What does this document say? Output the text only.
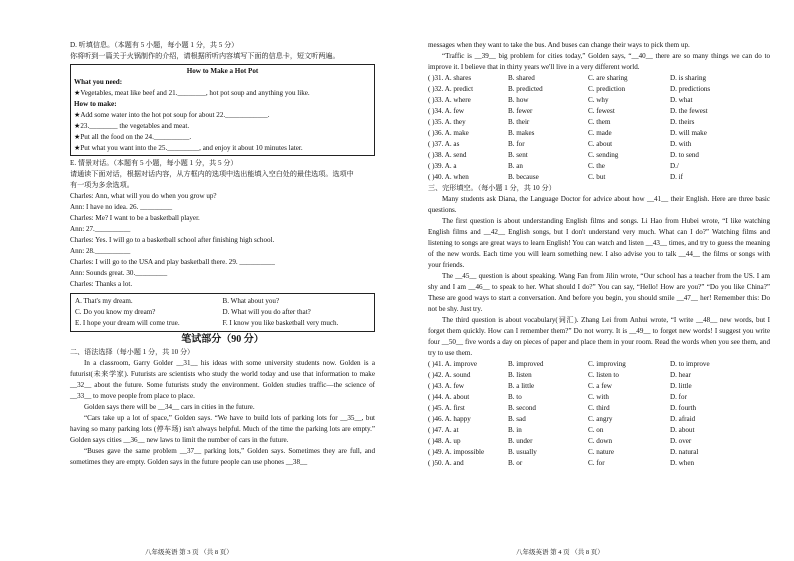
D. 听填信息。（本题有 5 小题，每小题 1 分，共 5 分）
你将听到一篇关于火锅制作的介绍，请根据所听内容填写下面的信息卡，短文听两遍。
How to Make a Hot Pot
What you need:
★Vegetables, meat like beef and 21.________, hot pot soup and anything you like.
How to make:
★Add some water into the hot pot soup for about 22.____________.
★23.________ the vegetables and meat.
★Put all the food on the 24.__________.
★Put what you want into the 25._________, and enjoy it about 10 minutes later.
E. 情景对话。（本题有 5 小题，每小题 1 分，共 5 分）
请通读下面对话，根据对话内容，从方框内的选项中选出能填入空白处的最佳选项。选项中
有一项为多余选项。
Charles: Ann, what will you do when you grow up?
Ann: I have no idea. 26. _________
Charles: Me? I want to be a basketball player.
Ann: 27.__________
Charles: Yes. I will go to a basketball school after finishing high school.
Ann: 28.__________
Charles: I will go to the USA and play basketball there. 29. __________
Ann: Sounds great. 30._________
Charles: Thanks a lot.
A. That's my dream.	B. What about you?
C. Do you know my dream?	D. What will you do after that?
E. I hope your dream will come true.	F. I know you like basketball very much.
笔试部分（90 分）
二、语法选择（每小题 1 分，共 10 分）
In a classroom, Garry Golder __31__ his ideas with some university students now. Golden is a futurist(未来学家). Futurists are scientists who study the world today and use that information to make __32__ about the future. Some futurists study the environment. Golden studies traffic—the science of __33__ to move people from place to place.
Golden says there will be __34__ cars in cities in the future.
“Cars take up a lot of space,” Golden says. “We have to build lots of parking lots for __35__, but having so many parking lots (停车场) isn't always helpful. Much of the time the parking lots are empty.” Golden says cities __36__ new laws to limit the number of cars in the future.
“Buses gave the same problem __37__ parking lots,” Golden says. Sometimes they are full, and sometimes they are empty. Golden says in the future people can use phones __38__
messages when they want to take the bus. And buses can change their ways to pick them up.
“Traffic is __39__ big problem for cities today,” Golden says, “__40__ there are so many things we can do to improve it. I believe that in thirty years we'll live in a very different world.
( )31. A. shares	B. shared	C. are sharing	D. is sharing
( )32. A. predict	B. predicted	C. prediction	D. predictions
( )33. A. where	B. how	C. why	D. what
( )34. A. few	B. fewer	C. fewest	D. the fewest
( )35. A. they	B. their	C. them	D. theirs
( )36. A. make	B. makes	C. made	D. will make
( )37. A. as	B. for	C. about	D. with
( )38. A. send	B. sent	C. sending	D. to send
( )39. A. a	B. an	C. the	D./
( )40. A. when	B. because	C. but	D. if
三、完形填空。（每小题 1 分，共 10 分）
Many students ask Diana, the Language Doctor for advice about how __41__ their English. Here are three basic questions.
The first question is about understanding English films and songs. Li Hao from Hubei wrote, “I like watching English films and __42__ English songs, but I don't understand very much. What can I do?” Watching films and listening to songs are great ways to learn English! You can watch and listen __43__ times, and try to guess the meaning of the new words. Each time you will learn something new. I also advise you to talk __44__ the films or songs with your friends.
The __45__ question is about speaking. Wang Fan from Jilin wrote, “Our school has a teacher from the US. I am shy and I am __46__ to speak to her. What should I do?” You can say, “Hello! How are you?” “Do you like China?” These are good ways to start a conversation. And before you begin, you should smile __47__ her! Remember this: Do not be shy. Just try.
The third question is about vocabulary(词汇). Zhang Lei from Anhui wrote, “I write __48__ new words, but I forget them quickly. How can I remember them?” Do not worry. It is __49__ to forget new words! I suggest you write four __50__ five words a day on pieces of paper and place them in your room. Read the words when you see them, and try to use them.
( )41. A. improve	B. improved	C. improving	D. to improve
( )42. A. sound	B. listen	C. listen to	D. hear
( )43. A. few	B. a little	C. a few	D. little
( )44. A. about	B. to	C. with	D. for
( )45. A. first	B. second	C. third	D. fourth
( )46. A. happy	B. sad	C. angry	D. afraid
( )47. A. at	B. in	C. on	D. about
( )48. A. up	B. under	C. down	D. over
( )49. A. impossible	B. usually	C. nature	D. natural
( )50. A. and	B. or	C. for	D. when
八年级英语 第 3 页 （共 8 页）	八年级英语 第 4 页 （共 8 页）
